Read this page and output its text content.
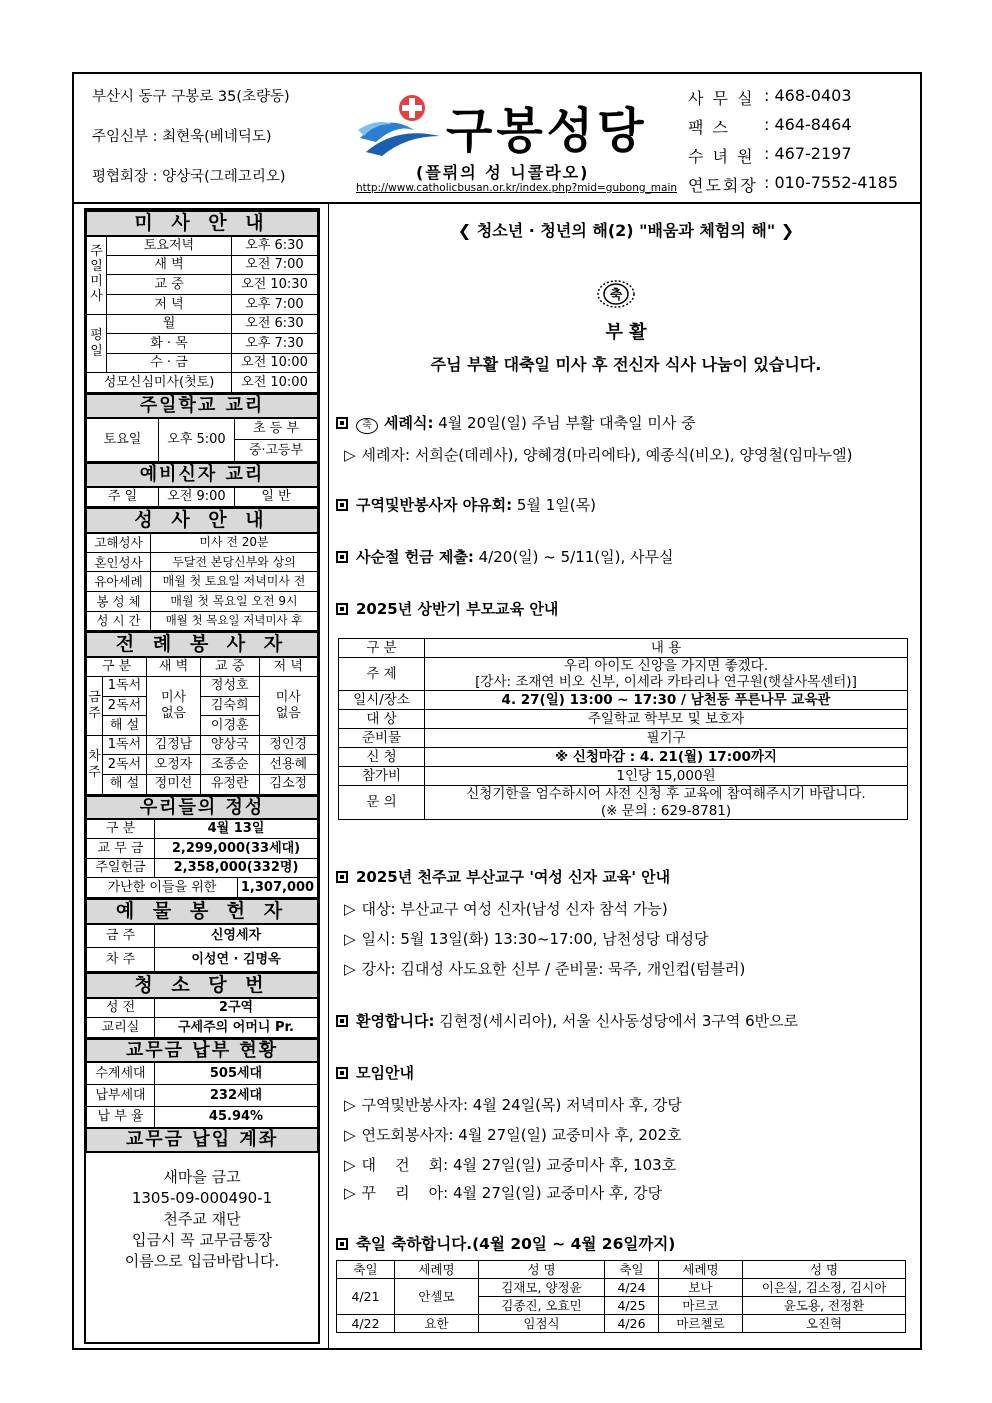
부산시 동구 구봉로 35(초량동)
주임신부 : 최현욱(베네딕도)
평협회장 : 양상국(그레고리오)
구봉성당
(플뤼의 성 니콜라오)
http://www.catholicbusan.or.kr/index.php?mid=gubong_main
사 무 실 : 468-0403
팩 스	: 464-8464
수 녀 원 : 467-2197
연도회장 : 010-7552-4185
미 사 안 내		
주일미사	토요저녁	오후 6:30
	새 벽	오전 7:00
	교 중	오전 10:30
	저 녁	오후 7:00
평일	월	오전 6:30
	화 · 목	오후 7:30
	수 · 금	오전 10:00
성모신심미사(첫토)		오전 10:00
주일학교 교리
토요일	오후 5:00	초 등 부
중·고등부
예비신자 교리
주 일	오전 9:00	일 반
성 사 안 내	
고해성사	미사 전 20분
혼인성사	두달전 본당신부와 상의
유아세례	매월 첫 토요일 저녁미사 전
봉 성 체	매월 첫 목요일 오전 9시
성 시 간	매월 첫 목요일 저녁미사 후
전 례 봉 사 자				
구 분		새 벽	교 중	저 녁
금주	1독서	미사 없음	정성호	미사 없음
	2독서		김숙희	
	해 설		이경훈	
차주	1독서	김정남	양상국	정인경
	2독서	오정자	조종순	선용혜
	해 설	정미선	유정란	김소정
우리들의 정성		
구 분	4월 13일	
교 무 금	2,299,000(33세대)	
주일헌금	2,358,000(332명)	
가난한 이들을 위한		1,307,000
예 물 봉 헌 자	
금 주	신영세자
차 주	이성연 · 김명옥
청 소 당 번	
성 전	2구역
교리실	구세주의 어머니 Pr.
교무금 납부 현황	
수계세대	505세대
납부세대	232세대
납 부 율	45.94%
교무금 납입 계좌	
새마을 금고
1305-09-000490-1
천주교 재단
입금시 꼭 교무금통장
이름으로 입금바랍니다.
❮ 청소년 · 청년의 해(2) "배움과 체험의 해" ❯
축
부 활
주님 부활 대축일 미사 후 전신자 식사 나눔이 있습니다.
축 세례식: 4월 20일(일) 주님 부활 대축일 미사 중
▷ 세례자: 서희순(데레사), 양혜경(마리에타), 예종식(비오), 양영철(임마누엘)
구역및반봉사자 야유회: 5월 1일(목)
사순절 헌금 제출: 4/20(일) ~ 5/11(일), 사무실
2025년 상반기 부모교육 안내
구 분	내 용
주 제	우리 아이도 신앙을 가지면 좋겠다.
[강사: 조재연 비오 신부, 이세라 카타리나 연구원(햇살사목센터)]

일시/장소	4. 27(일) 13:00 ~ 17:30 / 남천동 푸른나무 교육관
대 상	주일학교 학부모 및 보호자
준비물	필기구
신 청	※ 신청마감 : 4. 21(월) 17:00까지
참가비	1인당 15,000원
문 의	신청기한을 엄수하시어 사전 신청 후 교육에 참여해주시기 바랍니다.
(※ 문의 : 629-8781)
2025년 천주교 부산교구 '여성 신자 교육' 안내
▷ 대상: 부산교구 여성 신자(남성 신자 참석 가능)
▷ 일시: 5월 13일(화) 13:30~17:00, 남천성당 대성당
▷ 강사: 김대성 사도요한 신부 / 준비물: 묵주, 개인컵(텀블러)
환영합니다: 김현정(세시리아), 서울 신사동성당에서 3구역 6반으로
모임안내
▷ 구역및반봉사자: 4월 24일(목) 저녁미사 후, 강당
▷ 연도회봉사자: 4월 27일(일) 교중미사 후, 202호
▷ 대    건    회: 4월 27일(일) 교중미사 후, 103호
▷ 꾸    리    아: 4월 27일(일) 교중미사 후, 강당
축일 축하합니다.(4월 20일 ~ 4월 26일까지)
축일	세례명	성 명	축일	세례명	성 명
4/21	안셀모	김재모, 양정윤	4/24	보나	이은실, 김소정, 김시아
		김종진, 오효민	4/25	마르코	윤도용, 전정환
4/22	요한	임점식	4/26	마르첼로	오진혁
